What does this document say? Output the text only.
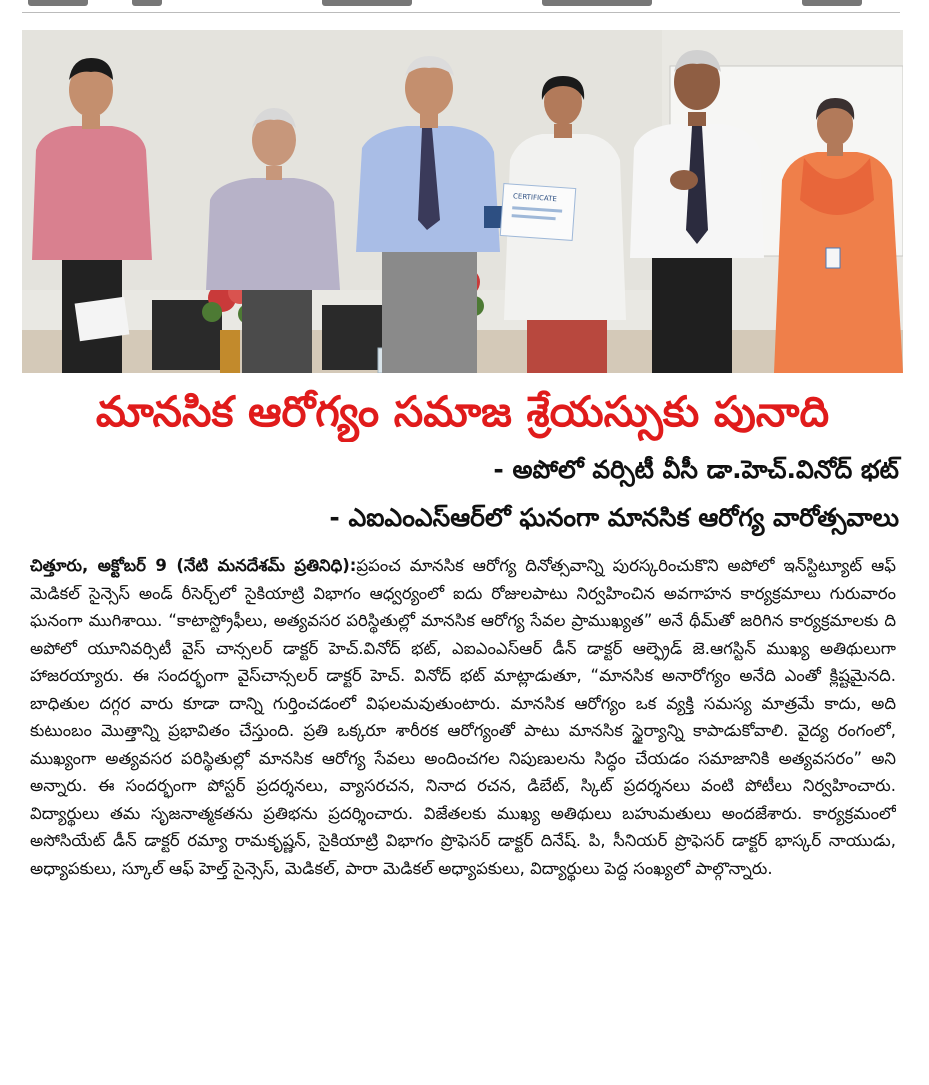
CERTIFICATE
మానసిక ఆరోగ్యం సమాజ శ్రేయస్సుకు పునాది
- అపోలో వర్సిటీ వీసీ డా.హెచ్.వినోద్ భట్
- ఎఐఎంఎస్‌ఆర్‌లో ఘనంగా మానసిక ఆరోగ్య వారోత్సవాలు
చిత్తూరు, అక్టోబర్ 9 (నేటి మనదేశమ్ ప్రతినిధి):ప్రపంచ మానసిక ఆరోగ్య దినోత్సవాన్ని పురస్కరించుకొని అపోలో ఇన్‌స్టిట్యూట్ ఆఫ్ మెడికల్ సైన్సెస్ అండ్ రీసెర్చ్‌లో సైకియాట్రి విభాగం ఆధ్వర్యంలో ఐదు రోజులపాటు నిర్వహించిన అవగాహన కార్యక్రమాలు గురువారం ఘనంగా ముగిశాయి. “కాటాస్ట్రోఫీలు, అత్యవసర పరిస్థితుల్లో మానసిక ఆరోగ్య సేవల ప్రాముఖ్యత” అనే థీమ్‌తో జరిగిన కార్యక్రమాలకు ది అపోలో యూనివర్సిటీ వైస్ చాన్సలర్ డాక్టర్ హెచ్.వినోద్ భట్, ఎఐఎంఎస్ఆర్ డీన్ డాక్టర్ ఆల్ఫ్రెడ్ జె.ఆగస్టిన్ ముఖ్య అతిథులుగా హాజరయ్యారు. ఈ సందర్భంగా వైస్‌చాన్సలర్ డాక్టర్ హెచ్. వినోద్ భట్ మాట్లాడుతూ, “మానసిక అనారోగ్యం అనేది ఎంతో క్లిష్టమైనది. బాధితుల దగ్గర వారు కూడా దాన్ని గుర్తించడంలో విఫలమవుతుంటారు. మానసిక ఆరోగ్యం ఒక వ్యక్తి సమస్య మాత్రమే కాదు, అది కుటుంబం మొత్తాన్ని ప్రభావితం చేస్తుంది. ప్రతి ఒక్కరూ శారీరక ఆరోగ్యంతో పాటు మానసిక స్థైర్యాన్ని కాపాడుకోవాలి. వైద్య రంగంలో, ముఖ్యంగా అత్యవసర పరిస్థితుల్లో మానసిక ఆరోగ్య సేవలు అందించగల నిపుణులను సిద్ధం చేయడం సమాజానికి అత్యవసరం” అని అన్నారు. ఈ సందర్భంగా పోస్టర్ ప్రదర్శనలు, వ్యాసరచన, నినాద రచన, డిబేట్, స్కిట్ ప్రదర్శనలు వంటి పోటీలు నిర్వహించారు. విద్యార్థులు తమ సృజనాత్మకతను ప్రతిభను ప్రదర్శించారు. విజేతలకు ముఖ్య అతిథులు బహుమతులు అందజేశారు. కార్యక్రమంలో అసోసియేట్ డీన్ డాక్టర్ రమ్యా రామకృష్ణన్, సైకియాట్రి విభాగం ప్రొఫెసర్ డాక్టర్ దినేష్. పి, సీనియర్ ప్రొఫెసర్ డాక్టర్ భాస్కర్ నాయుడు, అధ్యాపకులు, స్కూల్ ఆఫ్ హెల్త్ సైన్సెస్, మెడికల్, పారా మెడికల్ అధ్యాపకులు, విద్యార్థులు పెద్ద సంఖ్యలో పాల్గొన్నారు.
